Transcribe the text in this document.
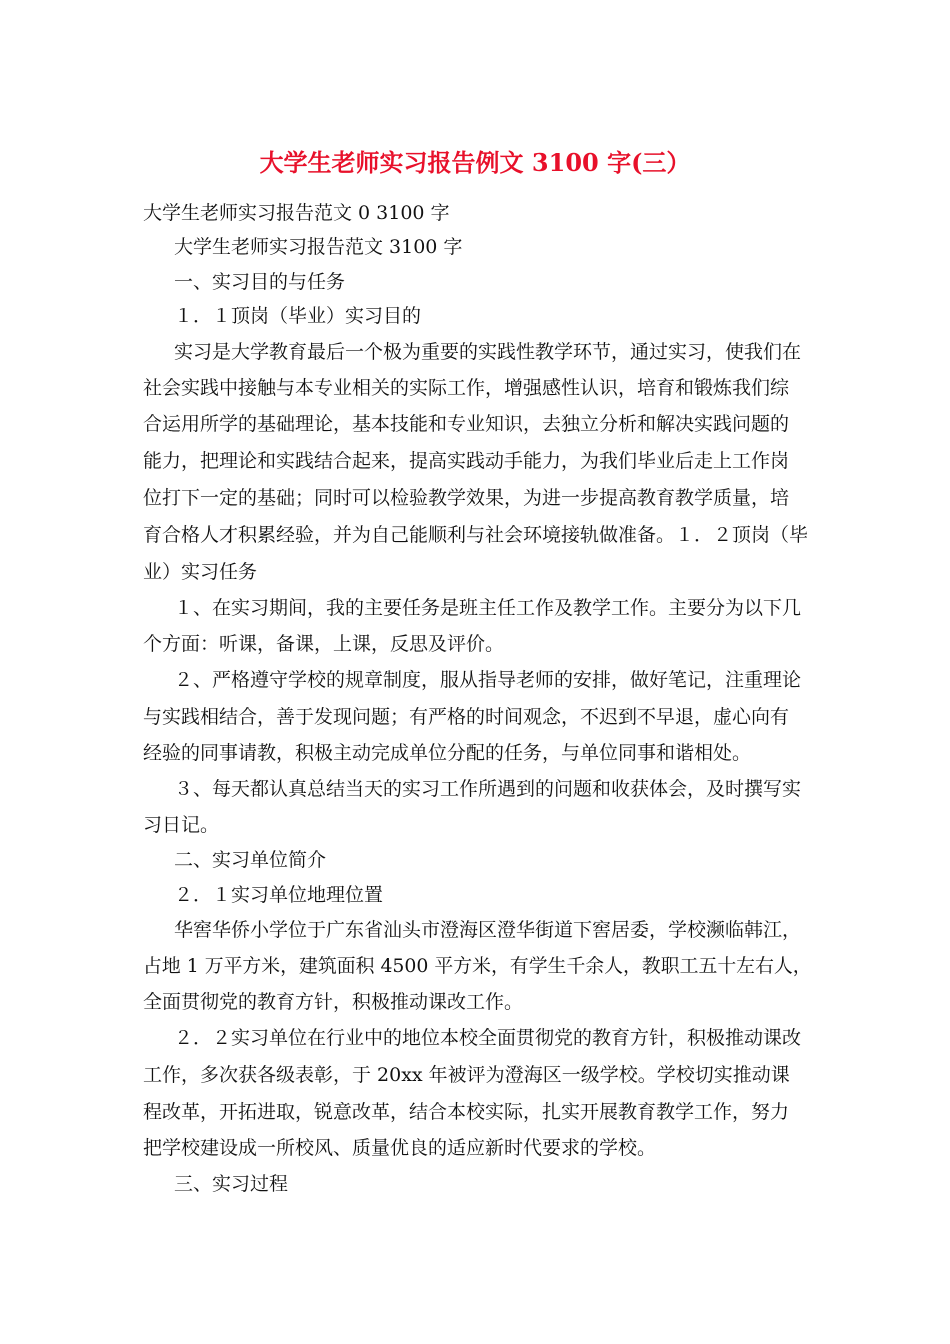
大学生老师实习报告例文 3100 字(三）
大学生老师实习报告范文 0 3100 字
大学生老师实习报告范文 3100 字
一、实习目的与任务
１．１顶岗（毕业）实习目的
实习是大学教育最后一个极为重要的实践性教学环节，通过实习，使我们在
社会实践中接触与本专业相关的实际工作，增强感性认识，培育和锻炼我们综
合运用所学的基础理论，基本技能和专业知识，去独立分析和解决实践问题的
能力，把理论和实践结合起来，提高实践动手能力，为我们毕业后走上工作岗
位打下一定的基础；同时可以检验教学效果，为进一步提高教育教学质量，培
育合格人才积累经验，并为自己能顺利与社会环境接轨做准备。１．２顶岗（毕
业）实习任务
１、在实习期间，我的主要任务是班主任工作及教学工作。主要分为以下几
个方面：听课，备课，上课，反思及评价。
２、严格遵守学校的规章制度，服从指导老师的安排，做好笔记，注重理论
与实践相结合，善于发现问题；有严格的时间观念，不迟到不早退，虚心向有
经验的同事请教，积极主动完成单位分配的任务，与单位同事和谐相处。
３、每天都认真总结当天的实习工作所遇到的问题和收获体会，及时撰写实
习日记。
二、实习单位简介
２．１实习单位地理位置
华窖华侨小学位于广东省汕头市澄海区澄华街道下窖居委，学校濒临韩江，
占地 1 万平方米，建筑面积 4500 平方米，有学生千余人，教职工五十左右人，
全面贯彻党的教育方针，积极推动课改工作。
２．２实习单位在行业中的地位本校全面贯彻党的教育方针，积极推动课改
工作，多次获各级表彰，于 20xx 年被评为澄海区一级学校。学校切实推动课
程改革，开拓进取，锐意改革，结合本校实际，扎实开展教育教学工作，努力
把学校建设成一所校风、质量优良的适应新时代要求的学校。
三、实习过程
